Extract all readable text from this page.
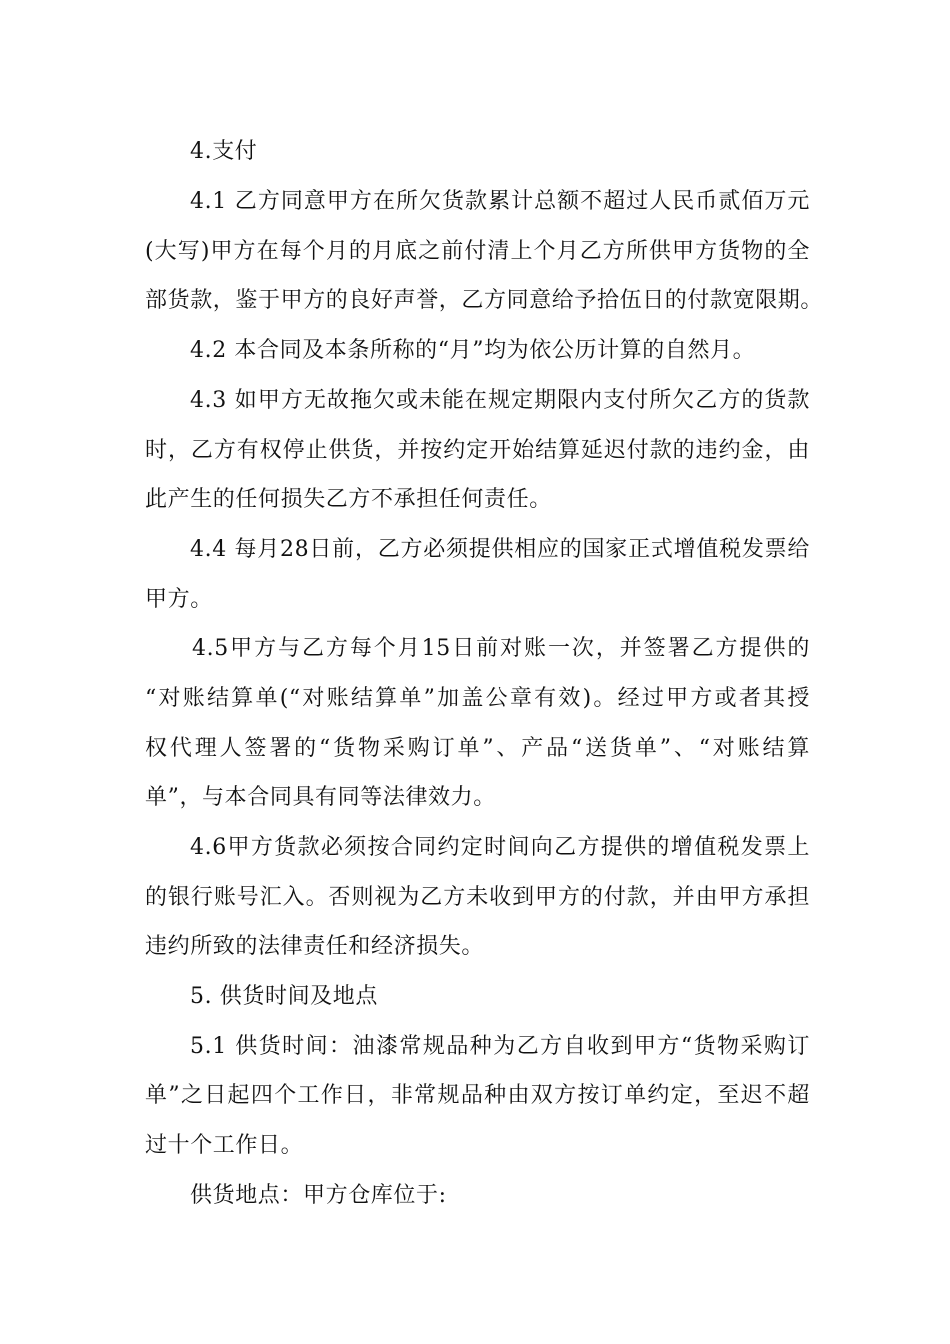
4.支付
4.1 乙方同意甲方在所欠货款累计总额不超过人民币贰佰万元
(大写)甲方在每个月的月底之前付清上个月乙方所供甲方货物的全
部货款，鉴于甲方的良好声誉，乙方同意给予拾伍日的付款宽限期。
4.2 本合同及本条所称的“月”均为依公历计算的自然月。
4.3 如甲方无故拖欠或未能在规定期限内支付所欠乙方的货款
时，乙方有权停止供货，并按约定开始结算延迟付款的违约金，由
此产生的任何损失乙方不承担任何责任。
4.4 每月28日前，乙方必须提供相应的国家正式增值税发票给
甲方。
4.5甲方与乙方每个月15日前对账一次，并签署乙方提供的
“对账结算单(“对账结算单”加盖公章有效)。经过甲方或者其授
权代理人签署的“货物采购订单”、产品“送货单”、“对账结算
单”，与本合同具有同等法律效力。
4.6甲方货款必须按合同约定时间向乙方提供的增值税发票上
的银行账号汇入。否则视为乙方未收到甲方的付款，并由甲方承担
违约所致的法律责任和经济损失。
5. 供货时间及地点
5.1 供货时间：油漆常规品种为乙方自收到甲方“货物采购订
单”之日起四个工作日，非常规品种由双方按订单约定，至迟不超
过十个工作日。
供货地点：甲方仓库位于:
